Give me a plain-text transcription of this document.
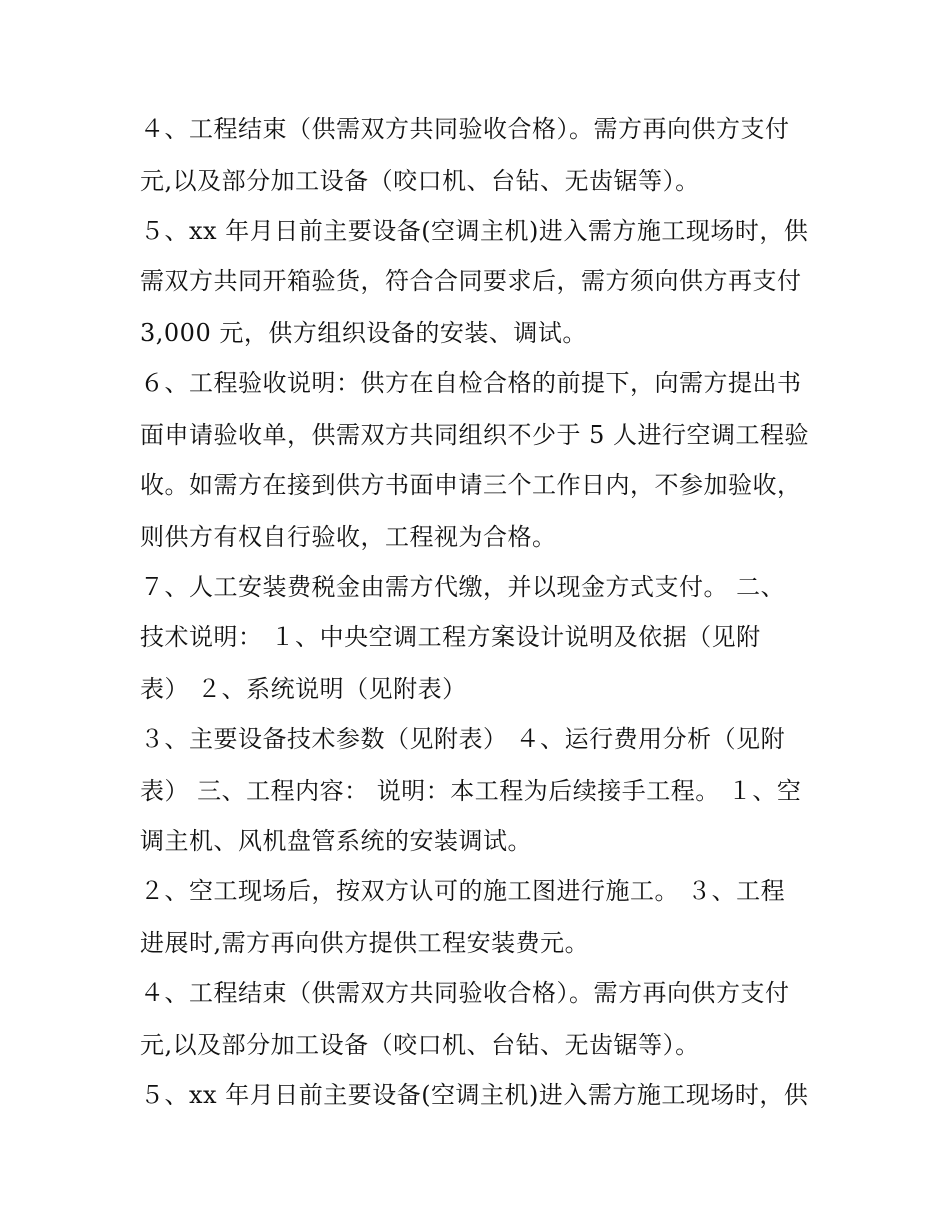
４、工程结束（供需双方共同验收合格）。需方再向供方支付
元,以及部分加工设备（咬口机、台钻、无齿锯等）。
５、xx 年月日前主要设备(空调主机)进入需方施工现场时，供
需双方共同开箱验货，符合合同要求后，需方须向供方再支付
3,000 元，供方组织设备的安装、调试。
６、工程验收说明：供方在自检合格的前提下，向需方提出书
面申请验收单，供需双方共同组织不少于 5 人进行空调工程验
收。如需方在接到供方书面申请三个工作日内，不参加验收，
则供方有权自行验收，工程视为合格。
７、人工安装费税金由需方代缴，并以现金方式支付。 二、
技术说明： １、中央空调工程方案设计说明及依据（见附
表） ２、系统说明（见附表）
３、主要设备技术参数（见附表） ４、运行费用分析（见附
表） 三、工程内容： 说明：本工程为后续接手工程。 １、空
调主机、风机盘管系统的安装调试。
２、空工现场后，按双方认可的施工图进行施工。 ３、工程
进展时,需方再向供方提供工程安装费元。
４、工程结束（供需双方共同验收合格）。需方再向供方支付
元,以及部分加工设备（咬口机、台钻、无齿锯等）。
５、xx 年月日前主要设备(空调主机)进入需方施工现场时，供
